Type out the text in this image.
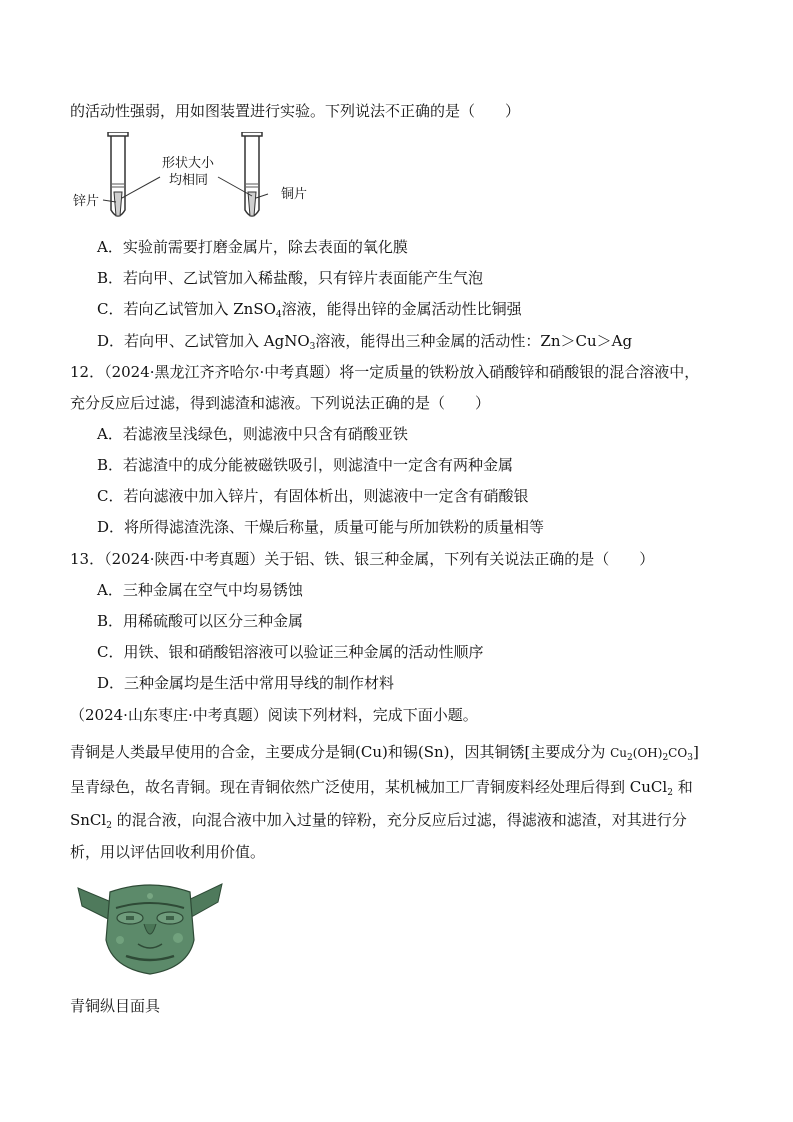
的活动性强弱，用如图装置进行实验。下列说法不正确的是（　　）
锌片
形状大小
均相同
铜片
A．实验前需要打磨金属片，除去表面的氧化膜
B．若向甲、乙试管加入稀盐酸，只有锌片表面能产生气泡
C．若向乙试管加入 ZnSO$_4$溶液，能得出锌的金属活动性比铜强
D．若向甲、乙试管加入 AgNO$_3$溶液，能得出三种金属的活动性：Zn＞Cu＞Ag
12．（2024·黑龙江齐齐哈尔·中考真题）将一定质量的铁粉放入硝酸锌和硝酸银的混合溶液中，
充分反应后过滤，得到滤渣和滤液。下列说法正确的是（　　）
A．若滤液呈浅绿色，则滤液中只含有硝酸亚铁
B．若滤渣中的成分能被磁铁吸引，则滤渣中一定含有两种金属
C．若向滤液中加入锌片，有固体析出，则滤液中一定含有硝酸银
D．将所得滤渣洗涤、干燥后称量，质量可能与所加铁粉的质量相等
13．（2024·陕西·中考真题）关于铝、铁、银三种金属，下列有关说法正确的是（　　）
A．三种金属在空气中均易锈蚀
B．用稀硫酸可以区分三种金属
C．用铁、银和硝酸铝溶液可以验证三种金属的活动性顺序
D．三种金属均是生活中常用导线的制作材料
（2024·山东枣庄·中考真题）阅读下列材料，完成下面小题。
青铜是人类最早使用的合金，主要成分是铜(Cu)和锡(Sn)，因其铜锈[主要成分为 $Cu_2(OH)_2CO_3$]
呈青绿色，故名青铜。现在青铜依然广泛使用，某机械加工厂青铜废料经处理后得到 CuCl$_2$ 和
SnCl$_2$ 的混合液，向混合液中加入过量的锌粉，充分反应后过滤，得滤液和滤渣，对其进行分
析，用以评估回收利用价值。
青铜纵目面具
